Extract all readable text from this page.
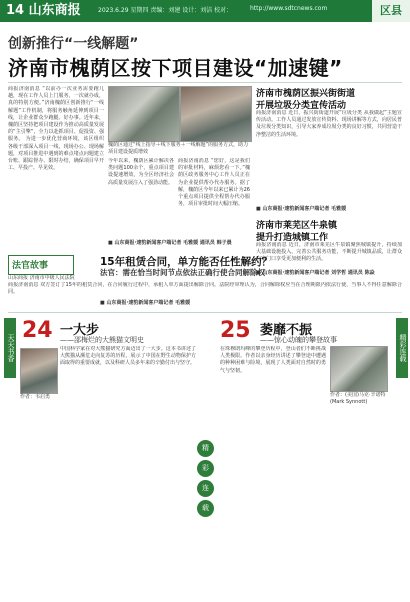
14 山东商报	2023.6.29 星期四 责编：刘建 设计：刘洁 校对：	http://www.sdtcnews.com	区县
创新推行“一线解题”
济南市槐荫区按下项目建设“加速键”
商报济南消息 “以前办一次业务需要跑几趟，现在工作人员上门服务，一次就办成，真的特别方便。”济南槐荫区创新推行“一线解题”工作机制，将服务触角延伸到项目一线，让企业群众少跑腿、好办事。近年来，槐荫区坚持把项目建设作为推动高质量发展的“主引擎”，全力以赴抓项目、促投资、强服务。 为进一步优化营商环境，该区组织各级干部深入项目一线，现场办公、现场解题，对项目推进中遇到的难点堵点问题建立台账、跟踪督办、限时办结，确保项目早开工、早投产、早见效。
槐荫区通过“线上指导＋线下服务＋一线解题”的服务方式，助力项目建设提质增效
今年以来，槐荫区累计解决各类问题100余个，重点项目建设提速增效，为全区经济社会高质量发展注入了强劲动能。
商报济南消息 “您好，这是我们的审批材料，麻烦您看一下。”槐荫区政务服务中心工作人员正在为企业提供帮办代办服务。据了解，槐荫区今年以来已累计为26个重点项目提供全程帮办代办服务，项目审批时间大幅压缩。
■ 山东商报·速豹新闻客户端记者 毛雅媛 通讯员 韩子晨
济南市槐荫区振兴街街道
开展垃圾分类宣传活动
商报济南消息 近日，振兴街街道开展“垃圾分类 从我做起”主题宣传活动。工作人员通过发放宣传资料、现场讲解等方式，向居民普及垃圾分类知识，引导大家养成垃圾分类的良好习惯，共同营造干净整洁的生活环境。
■ 山东商报·速豹新闻客户端记者 毛雅媛
济南市莱芜区牛泉镇
提升打造城镇工作
商报济南消息 近日，济南市莱芜区牛泉镇聚焦城镇提升，持续加大基础设施投入，完善公共服务功能，不断提升城镇品质，让群众在家门口享受更加便利的生活。
■ 山东商报·速豹新闻客户端记者 刘学哲 通讯员 陈焱
法官故事
山东商报 济南市中级人民法院
15年租赁合同，单方能否任性解约？
法官：需在恰当时间节点依法正确行使合同解除权
商报济南消息 双方签订了15年的租赁合同，在合同履行过程中，承租人单方面提出解除合同。法院经审理认为，合同解除权应当在合理期限内依法行使，当事人不得任意解除合同。
■ 山东商报·速豹新闻客户端记者 毛雅媛
天天书香
24 一大步
——邵梅烂的大熊猫文明史
作者：韦启勇
中国科学家在对大熊猫研究方面迈出了一大步。这本书讲述了大熊猫从濒危走向复苏的历程，展示了中国在野生动物保护方面取得的重要成就，以及科研人员多年来的辛勤付出与坚守。
精
彩
连
载
25 萎靡不振
——惊心动魄的攀登故事
作者：(美国)马克·辛诺特(Mark Synnott)
在珠穆朗玛峰的攀登历程中，登山者们不断挑战人类极限。作者以亲身经历讲述了攀登途中遭遇的种种困难与险境，展现了人类面对自然时的勇气与坚韧。
精彩连载
